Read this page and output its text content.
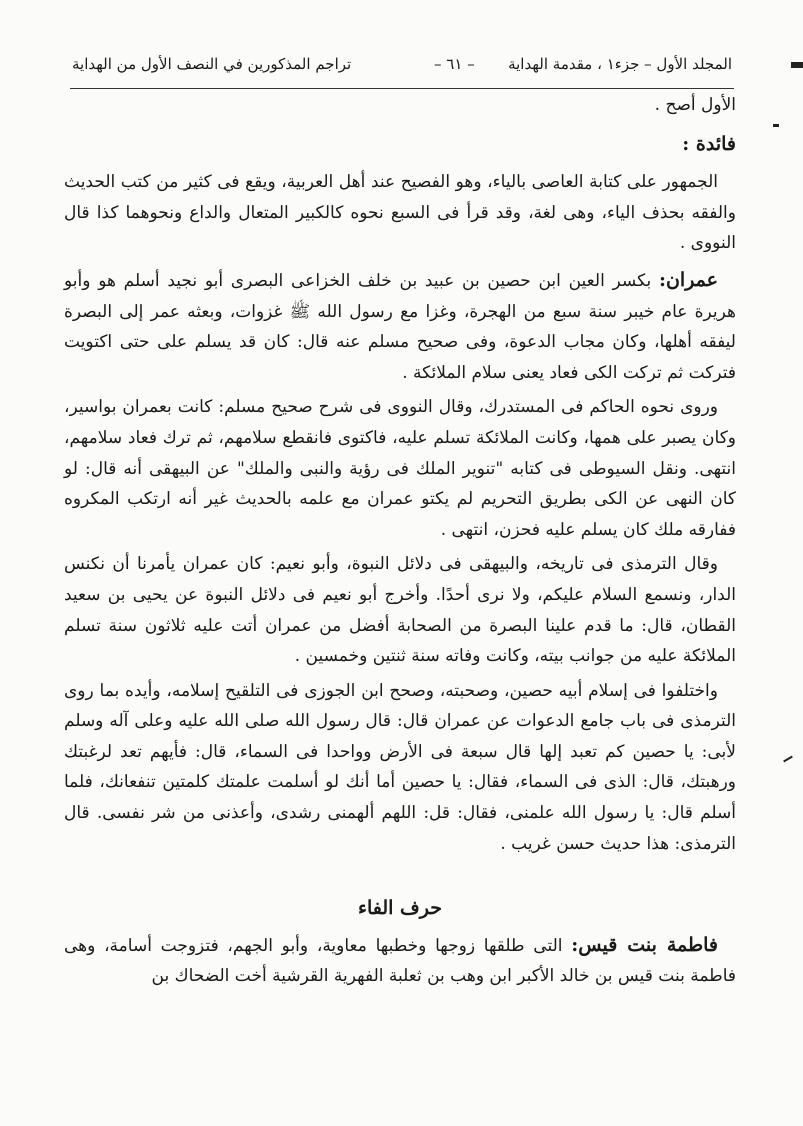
المجلد الأول – جزء١ ، مقدمة الهداية       – ٦١ –
تراجم المذكورين في النصف الأول من الهداية

الأول أصح .

فائدة :

الجمهور على كتابة العاصى بالياء، وهو الفصيح عند أهل العربية، ويقع فى كثير من كتب الحديث والفقه بحذف الياء، وهى لغة، وقد قرأ فى السبع نحوه كالكبير المتعال والداع ونحوهما كذا قال النووى .

عمران: بكسر العين ابن حصين بن عبيد بن خلف الخزاعى البصرى أبو نجيد أسلم هو وأبو هريرة عام خيبر سنة سبع من الهجرة، وغزا مع رسول الله ﷺ غزوات، وبعثه عمر إلى البصرة ليفقه أهلها، وكان مجاب الدعوة، وفى صحيح مسلم عنه قال: كان قد يسلم على حتى اكتويت فتركت ثم تركت الكى فعاد يعنى سلام الملائكة .

وروى نحوه الحاكم فى المستدرك، وقال النووى فى شرح صحيح مسلم: كانت بعمران بواسير، وكان يصبر على همها، وكانت الملائكة تسلم عليه، فاكتوى فانقطع سلامهم، ثم ترك فعاد سلامهم، انتهى. ونقل السيوطى فى كتابه "تنوير الملك فى رؤية والنبى والملك" عن البيهقى أنه قال: لو كان النهى عن الكى بطريق التحريم لم يكتو عمران مع علمه بالحديث غير أنه ارتكب المكروه ففارقه ملك كان يسلم عليه فحزن، انتهى .

وقال الترمذى فى تاريخه، والبيهقى فى دلائل النبوة، وأبو نعيم: كان عمران يأمرنا أن نكنس الدار، ونسمع السلام عليكم، ولا نرى أحدًا. وأخرج أبو نعيم فى دلائل النبوة عن يحيى بن سعيد القطان، قال: ما قدم علينا البصرة من الصحابة أفضل من عمران أتت عليه ثلاثون سنة تسلم الملائكة عليه من جوانب بيته، وكانت وفاته سنة ثنتين وخمسين .

واختلفوا فى إسلام أبيه حصين، وصحبته، وصحح ابن الجوزى فى التلقيح إسلامه، وأيده بما روى الترمذى فى باب جامع الدعوات عن عمران قال: قال رسول الله صلى الله عليه وعلى آله وسلم لأبى: يا حصين كم تعبد إلها قال سبعة فى الأرض وواحدا فى السماء، قال: فأيهم تعد لرغبتك ورهبتك، قال: الذى فى السماء، فقال: يا حصين أما أنك لو أسلمت علمتك كلمتين تنفعانك، فلما أسلم قال: يا رسول الله علمنى، فقال: قل: اللهم ألهمنى رشدى، وأعذنى من شر نفسى. قال الترمذى: هذا حديث حسن غريب .

حرف الفاء

فاطمة بنت قيس: التى طلقها زوجها وخطبها معاوية، وأبو الجهم، فتزوجت أسامة، وهى فاطمة بنت قيس بن خالد الأكبر ابن وهب بن ثعلبة الفهرية القرشية أخت الضحاك بن
